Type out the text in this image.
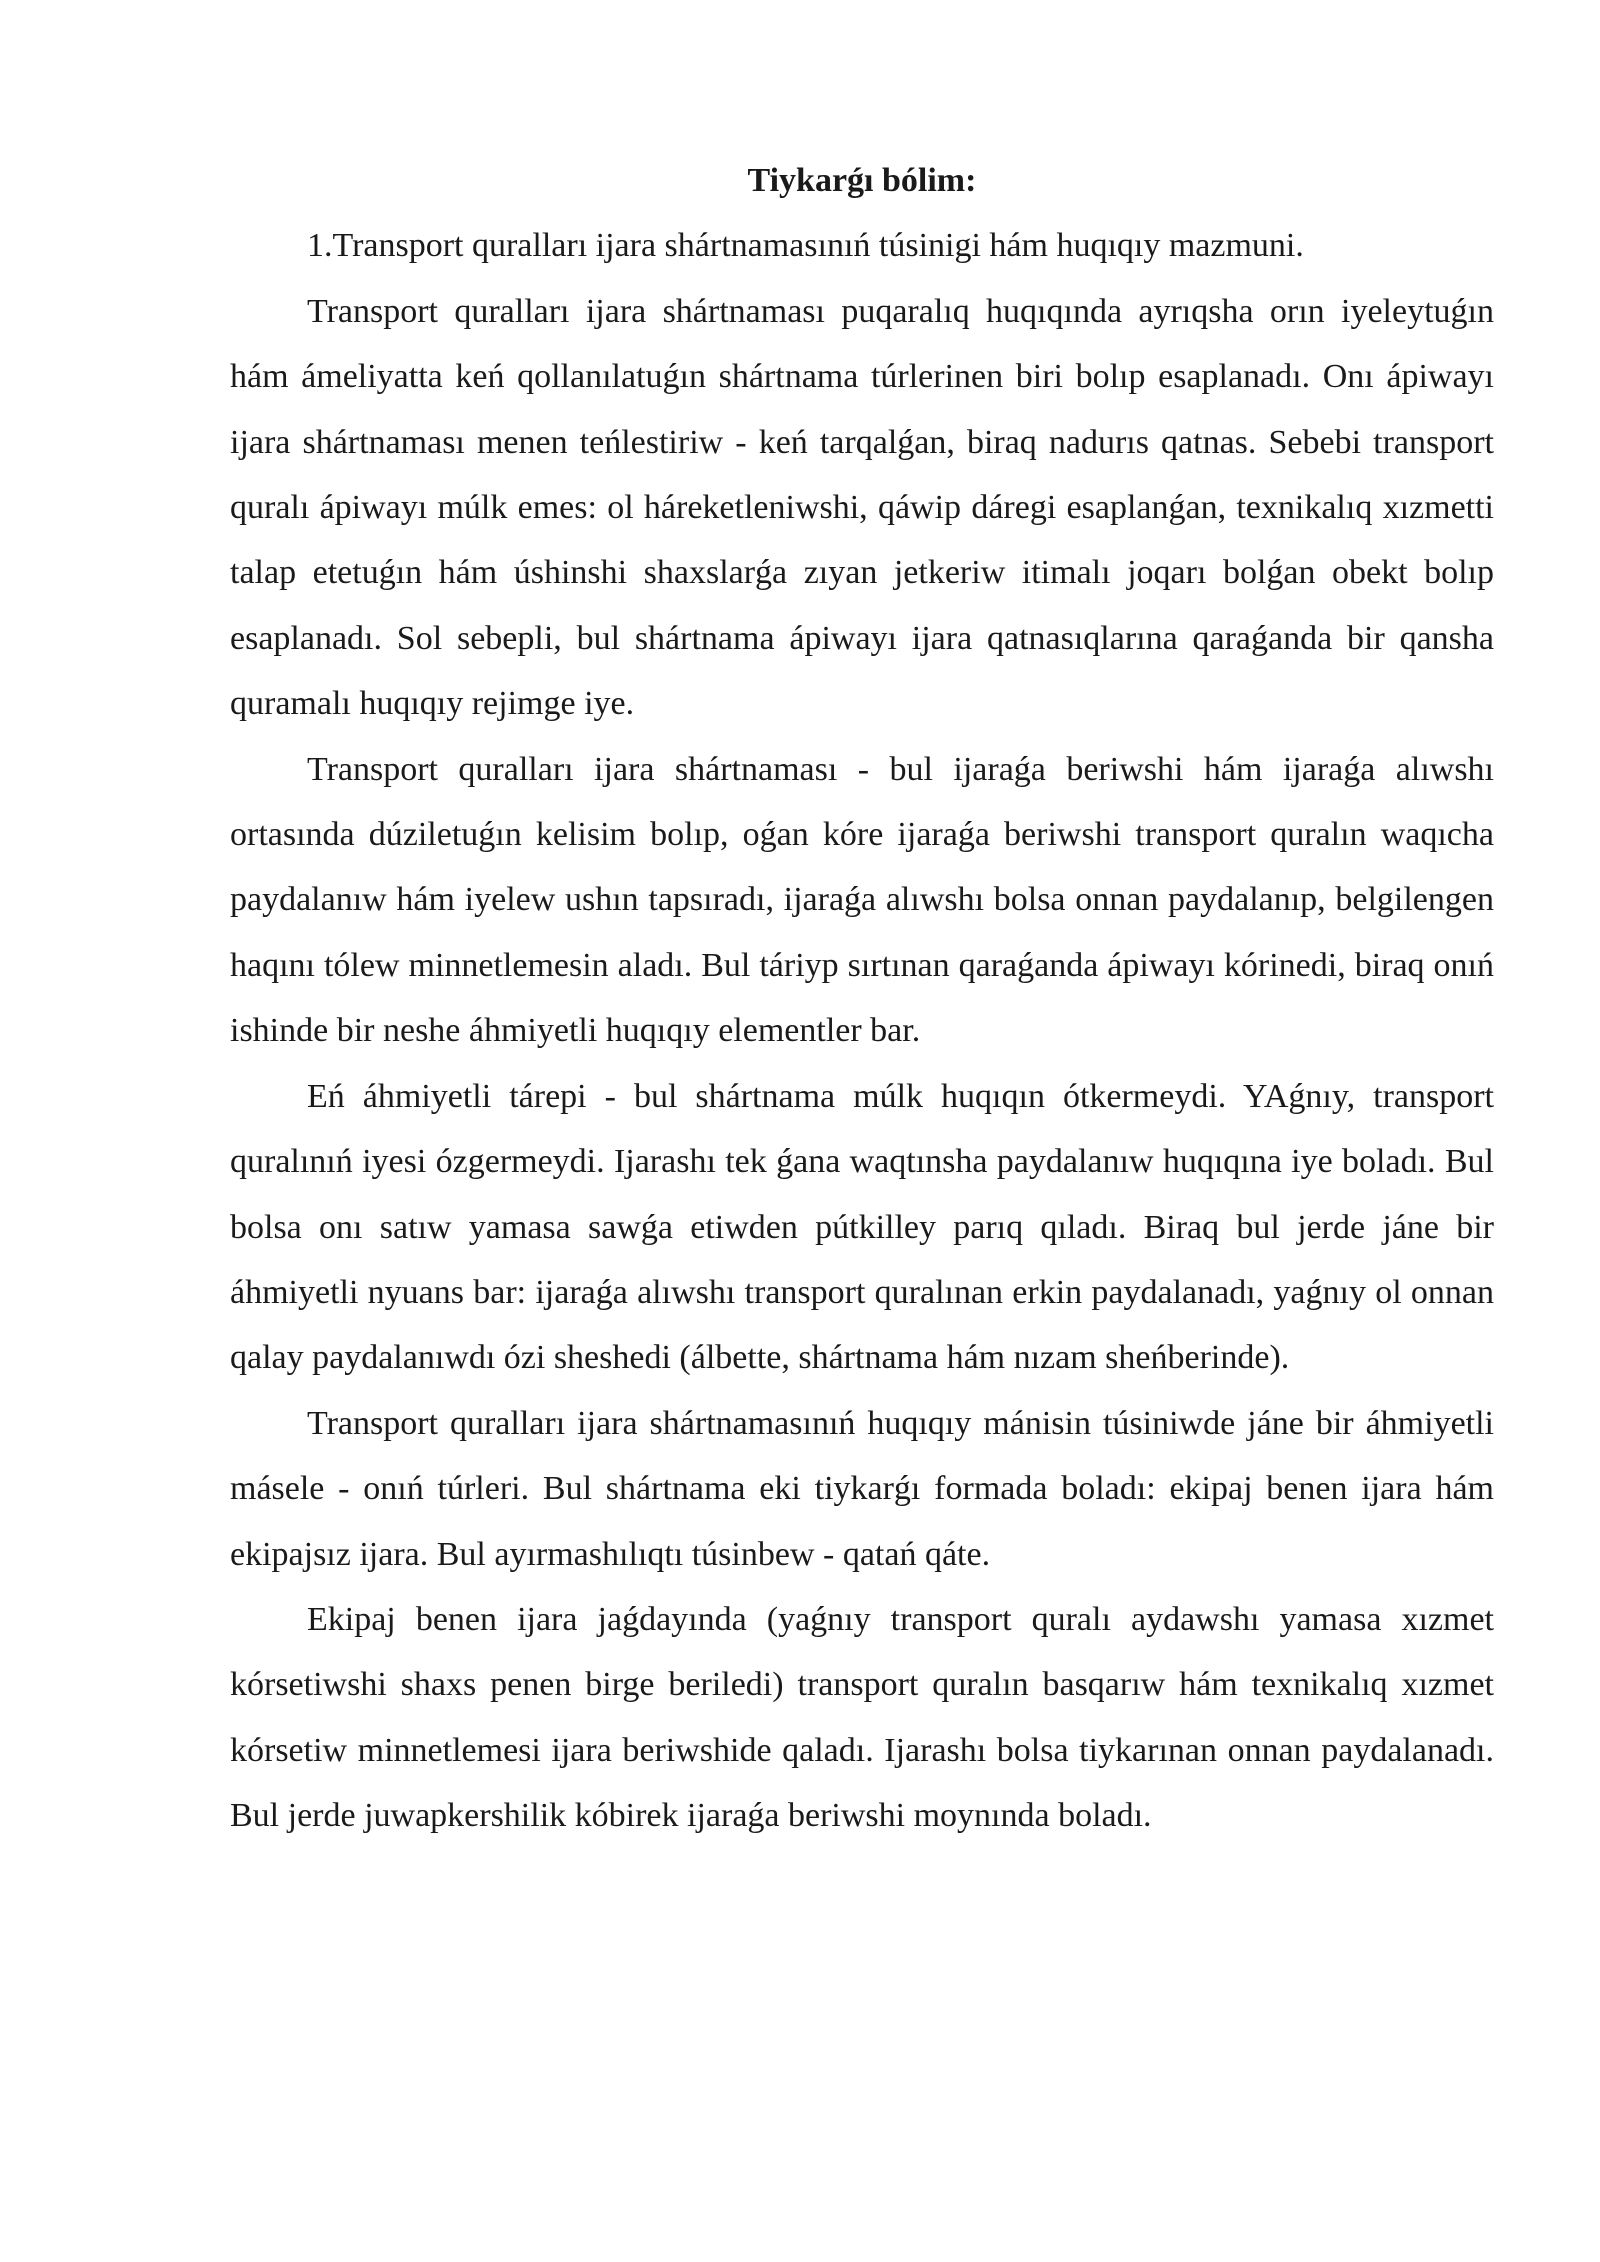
Tiykarǵı bólim:
1.Transport quralları ijara shártnamasınıń túsinigi hám huqıqıy mazmuni.

Transport quralları ijara shártnaması puqaralıq huqıqında ayrıqsha orın iyeleytuǵın hám ámeliyatta keń qollanılatuǵın shártnama túrlerinen biri bolıp esaplanadı. Onı ápiwayı ijara shártnaması menen teńlestiriw - keń tarqalǵan, biraq nadurıs qatnas. Sebebi transport quralı ápiwayı múlk emes: ol háreketleniwshi, qáwip dáregi esaplanǵan, texnikalıq xızmetti talap etetuǵın hám úshinshi shaxslarǵa zıyan jetkeriw itimalı joqarı bolǵan obekt bolıp esaplanadı. Sol sebepli, bul shártnama ápiwayı ijara qatnasıqlarına qaraǵanda bir qansha quramalı huqıqıy rejimge iye.

Transport quralları ijara shártnaması - bul ijaraǵa beriwshi hám ijaraǵa alıwshı ortasında dúziletuǵın kelisim bolıp, oǵan kóre ijaraǵa beriwshi transport quralın waqıcha paydalanıw hám iyelew ushın tapsıradı, ijaraǵa alıwshı bolsa onnan paydalanıp, belgilengen haqını tólew minnetlemesin aladı. Bul táriyp sırtınan qaraǵanda ápiwayı kórinedi, biraq onıń ishinde bir neshe áhmiyetli huqıqıy elementler bar.

Eń áhmiyetli tárepi - bul shártnama múlk huqıqın ótkermeydi. YAǵnıy, transport quralınıń iyesi ózgermeydi. Ijarashı tek ǵana waqtınsha paydalanıw huqıqına iye boladı. Bul bolsa onı satıw yamasa sawǵa etiwden pútkilley parıq qıladı. Biraq bul jerde jáne bir áhmiyetli nyuans bar: ijaraǵa alıwshı transport quralınan erkin paydalanadı, yaǵnıy ol onnan qalay paydalanıwdı ózi sheshedi (álbette, shártnama hám nızam sheńberinde).

Transport quralları ijara shártnamasınıń huqıqıy mánisin túsiniwde jáne bir áhmiyetli másele - onıń túrleri. Bul shártnama eki tiykarǵı formada boladı: ekipaj benen ijara hám ekipajsız ijara. Bul ayırmashılıqtı túsinbew - qatań qáte.

Ekipaj benen ijara jaǵdayında (yaǵnıy transport quralı aydawshı yamasa xızmet kórsetiwshi shaxs penen birge beriledi) transport quralın basqarıw hám texnikalıq xızmet kórsetiw minnetlemesi ijara beriwshide qaladı. Ijarashı bolsa tiykarınan onnan paydalanadı. Bul jerde juwapkershilik kóbirek ijaraǵa beriwshi moynında boladı.
